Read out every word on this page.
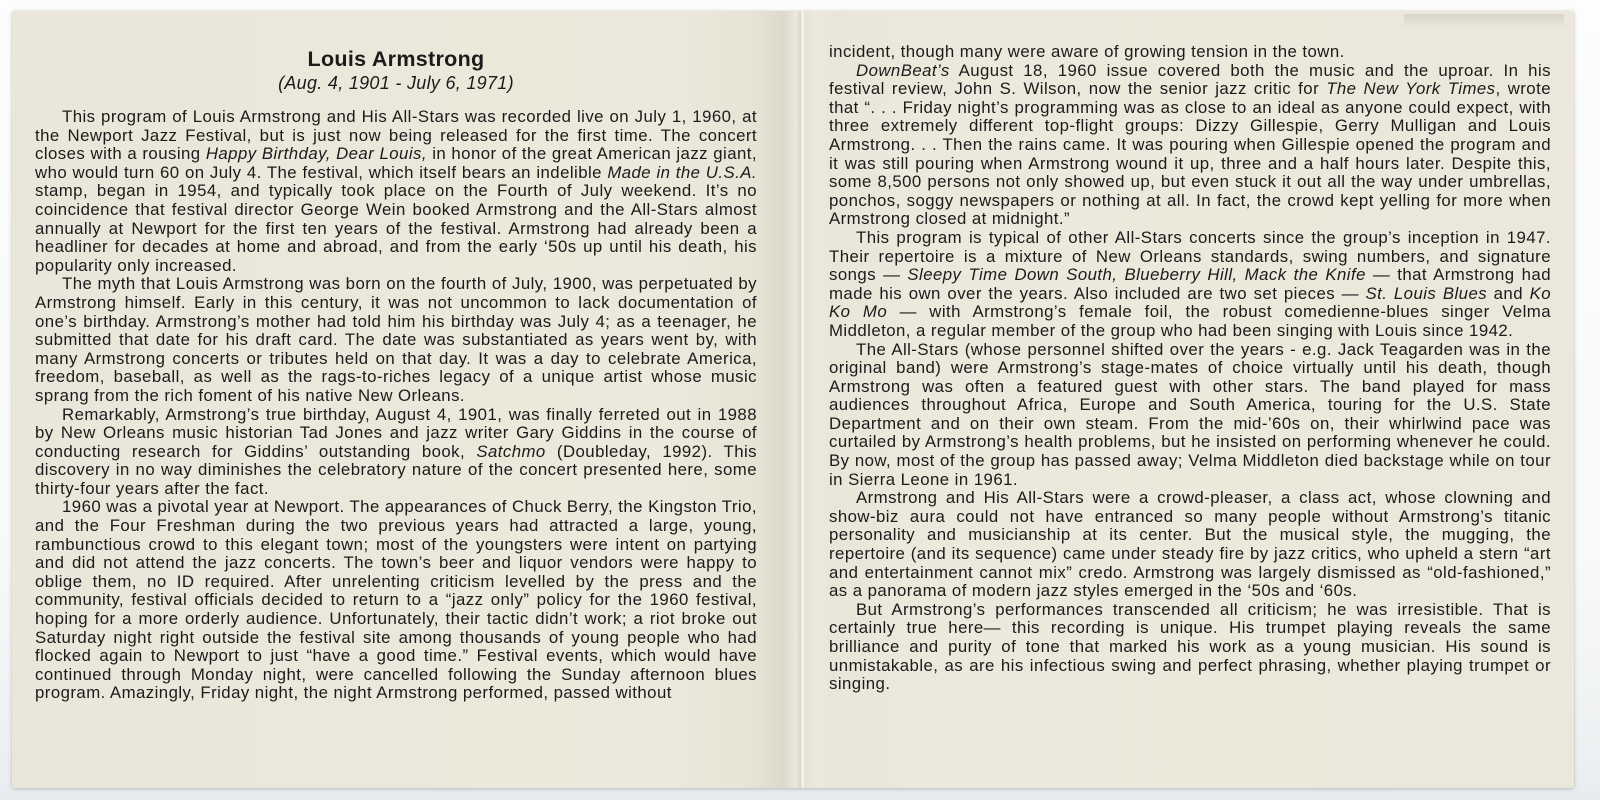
Louis Armstrong

(Aug. 4, 1901 - July 6, 1971)

This program of Louis Armstrong and His All-Stars was recorded live on July 1, 1960, at the Newport Jazz Festival, but is just now being released for the first time. The concert closes with a rousing Happy Birthday, Dear Louis, in honor of the great American jazz giant, who would turn 60 on July 4. The festival, which itself bears an indelible Made in the U.S.A. stamp, began in 1954, and typically took place on the Fourth of July weekend. It’s no coincidence that festival director George Wein booked Armstrong and the All-Stars almost annually at Newport for the first ten years of the festival. Armstrong had already been a headliner for decades at home and abroad, and from the early ‘50s up until his death, his popularity only increased.

The myth that Louis Armstrong was born on the fourth of July, 1900, was perpetuated by Armstrong himself. Early in this century, it was not uncommon to lack documentation of one’s birthday. Armstrong’s mother had told him his birthday was July 4; as a teenager, he submitted that date for his draft card. The date was substantiated as years went by, with many Armstrong concerts or tributes held on that day. It was a day to celebrate America, freedom, baseball, as well as the rags-to-riches legacy of a unique artist whose music sprang from the rich foment of his native New Orleans.

Remarkably, Armstrong’s true birthday, August 4, 1901, was finally ferreted out in 1988 by New Orleans music historian Tad Jones and jazz writer Gary Giddins in the course of conducting research for Giddins’ outstanding book, Satchmo (Doubleday, 1992). This discovery in no way diminishes the celebratory nature of the concert presented here, some thirty-four years after the fact.

1960 was a pivotal year at Newport. The appearances of Chuck Berry, the Kingston Trio, and the Four Freshman during the two previous years had attracted a large, young, rambunctious crowd to this elegant town; most of the youngsters were intent on partying and did not attend the jazz concerts. The town’s beer and liquor vendors were happy to oblige them, no ID required. After unrelenting criticism levelled by the press and the community, festival officials decided to return to a “jazz only” policy for the 1960 festival, hoping for a more orderly audience. Unfortunately, their tactic didn’t work; a riot broke out Saturday night right outside the festival site among thousands of young people who had flocked again to Newport to just “have a good time.” Festival events, which would have continued through Monday night, were cancelled following the Sunday afternoon blues program. Amazingly, Friday night, the night Armstrong performed, passed without

incident, though many were aware of growing tension in the town.

DownBeat’s August 18, 1960 issue covered both the music and the uproar. In his festival review, John S. Wilson, now the senior jazz critic for The New York Times, wrote that “. . . Friday night’s programming was as close to an ideal as anyone could expect, with three extremely different top-flight groups: Dizzy Gillespie, Gerry Mulligan and Louis Armstrong. . . Then the rains came. It was pouring when Gillespie opened the program and it was still pouring when Armstrong wound it up, three and a half hours later. Despite this, some 8,500 persons not only showed up, but even stuck it out all the way under umbrellas, ponchos, soggy newspapers or nothing at all. In fact, the crowd kept yelling for more when Armstrong closed at midnight.”

This program is typical of other All-Stars concerts since the group’s inception in 1947. Their repertoire is a mixture of New Orleans standards, swing numbers, and signature songs — Sleepy Time Down South, Blueberry Hill, Mack the Knife — that Armstrong had made his own over the years. Also included are two set pieces — St. Louis Blues and Ko Ko Mo — with Armstrong’s female foil, the robust comedienne-blues singer Velma Middleton, a regular member of the group who had been singing with Louis since 1942.

The All-Stars (whose personnel shifted over the years - e.g. Jack Teagarden was in the original band) were Armstrong’s stage-mates of choice virtually until his death, though Armstrong was often a featured guest with other stars. The band played for mass audiences throughout Africa, Europe and South America, touring for the U.S. State Department and on their own steam. From the mid-’60s on, their whirlwind pace was curtailed by Armstrong’s health problems, but he insisted on performing whenever he could. By now, most of the group has passed away; Velma Middleton died backstage while on tour in Sierra Leone in 1961.

Armstrong and His All-Stars were a crowd-pleaser, a class act, whose clowning and show-biz aura could not have entranced so many people without Armstrong’s titanic personality and musicianship at its center. But the musical style, the mugging, the repertoire (and its sequence) came under steady fire by jazz critics, who upheld a stern “art and entertainment cannot mix” credo. Armstrong was largely dismissed as “old-fashioned,” as a panorama of modern jazz styles emerged in the ‘50s and ‘60s.

But Armstrong’s performances transcended all criticism; he was irresistible. That is certainly true here— this recording is unique. His trumpet playing reveals the same brilliance and purity of tone that marked his work as a young musician. His sound is unmistakable, as are his infectious swing and perfect phrasing, whether playing trumpet or singing.
